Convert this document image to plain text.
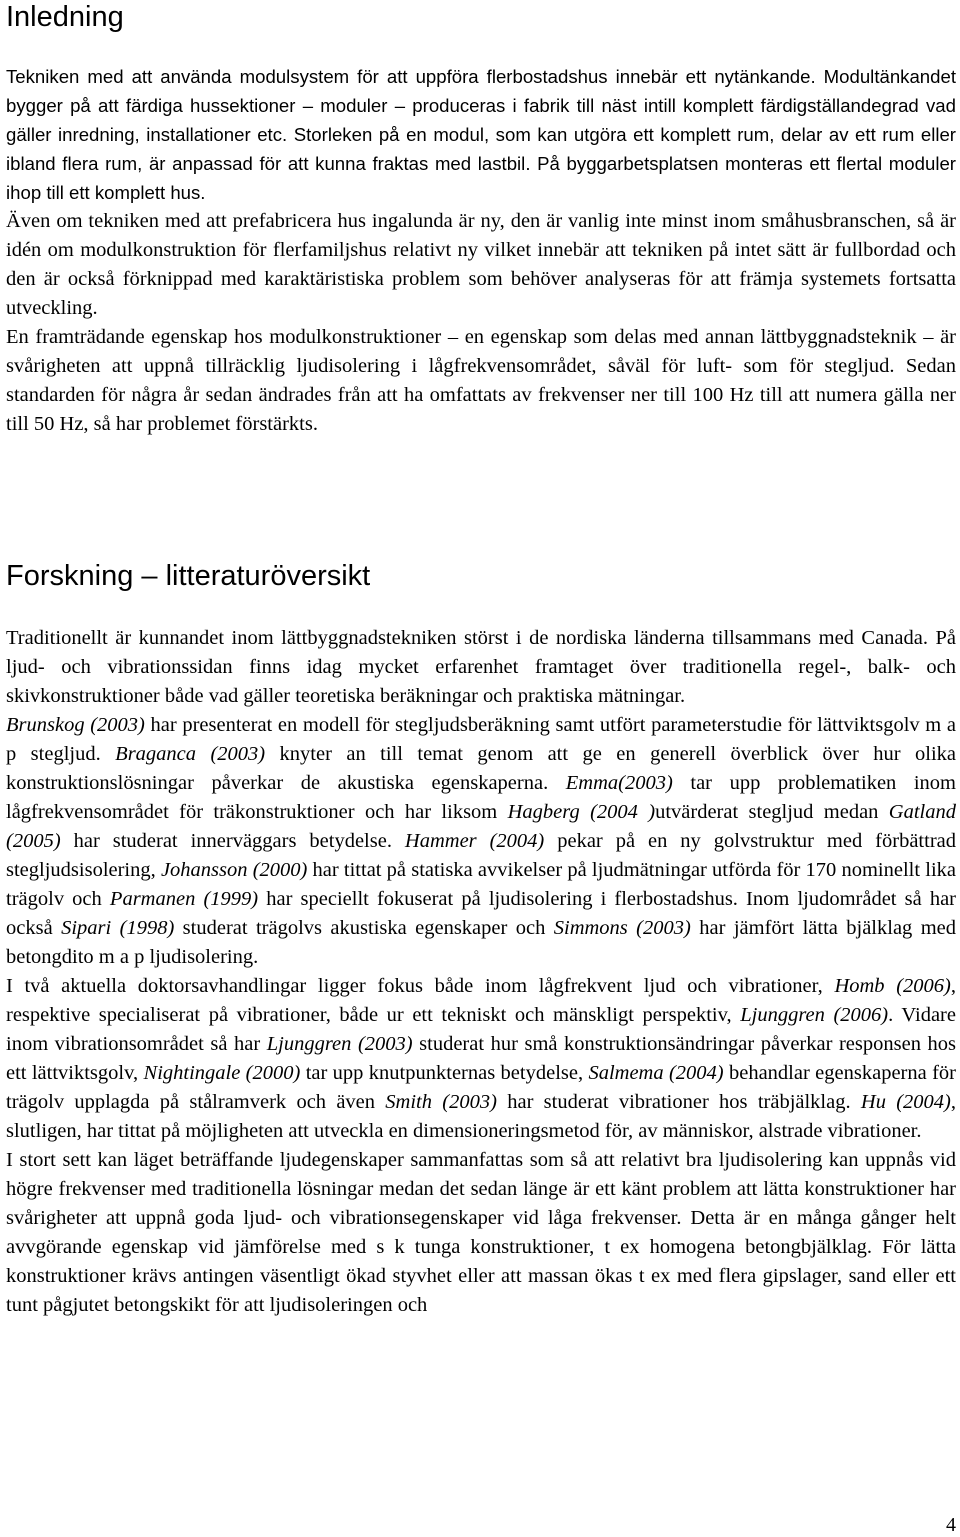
Inledning

Tekniken med att använda modulsystem för att uppföra flerbostadshus innebär ett nytänkande. Modultänkandet bygger på att färdiga hussektioner – moduler – produceras i fabrik till näst intill komplett färdigställandegrad vad gäller inredning, installationer etc. Storleken på en modul, som kan utgöra ett komplett rum, delar av ett rum eller ibland flera rum, är anpassad för att kunna fraktas med lastbil. På byggarbetsplatsen monteras ett flertal moduler ihop till ett komplett hus.

Även om tekniken med att prefabricera hus ingalunda är ny, den är vanlig inte minst inom småhusbranschen, så är idén om modulkonstruktion för flerfamiljshus relativt ny vilket innebär att tekniken på intet sätt är fullbordad och den är också förknippad med karaktäristiska problem som behöver analyseras för att främja systemets fortsatta utveckling.

En framträdande egenskap hos modulkonstruktioner – en egenskap som delas med annan lättbyggnadsteknik – är svårigheten att uppnå tillräcklig ljudisolering i lågfrekvensområdet, såväl för luft- som för stegljud. Sedan standarden för några år sedan ändrades från att ha omfattats av frekvenser ner till 100 Hz till att numera gälla ner till 50 Hz, så har problemet förstärkts.

Forskning – litteraturöversikt

Traditionellt är kunnandet inom lättbyggnadstekniken störst i de nordiska länderna tillsammans med Canada. På ljud- och vibrationssidan finns idag mycket erfarenhet framtaget över traditionella regel-, balk- och skivkonstruktioner både vad gäller teoretiska beräkningar och praktiska mätningar.

Brunskog (2003) har presenterat en modell för stegljudsberäkning samt utfört parameterstudie för lättviktsgolv m a p stegljud. Braganca (2003) knyter an till temat genom att ge en generell överblick över hur olika konstruktionslösningar påverkar de akustiska egenskaperna. Emma(2003) tar upp problematiken inom lågfrekvensområdet för träkonstruktioner och har liksom Hagberg (2004 )utvärderat stegljud medan Gatland (2005) har studerat innerväggars betydelse. Hammer (2004) pekar på en ny golvstruktur med förbättrad stegljudsisolering, Johansson (2000) har tittat på statiska avvikelser på ljudmätningar utförda för 170 nominellt lika trägolv och Parmanen (1999) har speciellt fokuserat på ljudisolering i flerbostadshus. Inom ljudområdet så har också Sipari (1998) studerat trägolvs akustiska egenskaper och Simmons (2003) har jämfört lätta bjälklag med betongdito m a p ljudisolering.

I två aktuella doktorsavhandlingar ligger fokus både inom lågfrekvent ljud och vibrationer, Homb (2006), respektive specialiserat på vibrationer, både ur ett tekniskt och mänskligt perspektiv, Ljunggren (2006). Vidare inom vibrationsområdet så har Ljunggren (2003) studerat hur små konstruktionsändringar påverkar responsen hos ett lättviktsgolv, Nightingale (2000) tar upp knutpunkternas betydelse, Salmema (2004) behandlar egenskaperna för trägolv upplagda på stålramverk och även Smith (2003) har studerat vibrationer hos träbjälklag. Hu (2004), slutligen, har tittat på möjligheten att utveckla en dimensioneringsmetod för, av människor, alstrade vibrationer.

I stort sett kan läget beträffande ljudegenskaper sammanfattas som så att relativt bra ljudisolering kan uppnås vid högre frekvenser med traditionella lösningar medan det sedan länge är ett känt problem att lätta konstruktioner har svårigheter att uppnå goda ljud- och vibrationsegenskaper vid låga frekvenser. Detta är en många gånger helt avvgörande egenskap vid jämförelse med s k tunga konstruktioner, t ex homogena betongbjälklag. För lätta konstruktioner krävs antingen väsentligt ökad styvhet eller att massan ökas t ex med flera gipslager, sand eller ett tunt pågjutet betongskikt för att ljudisoleringen och

4
